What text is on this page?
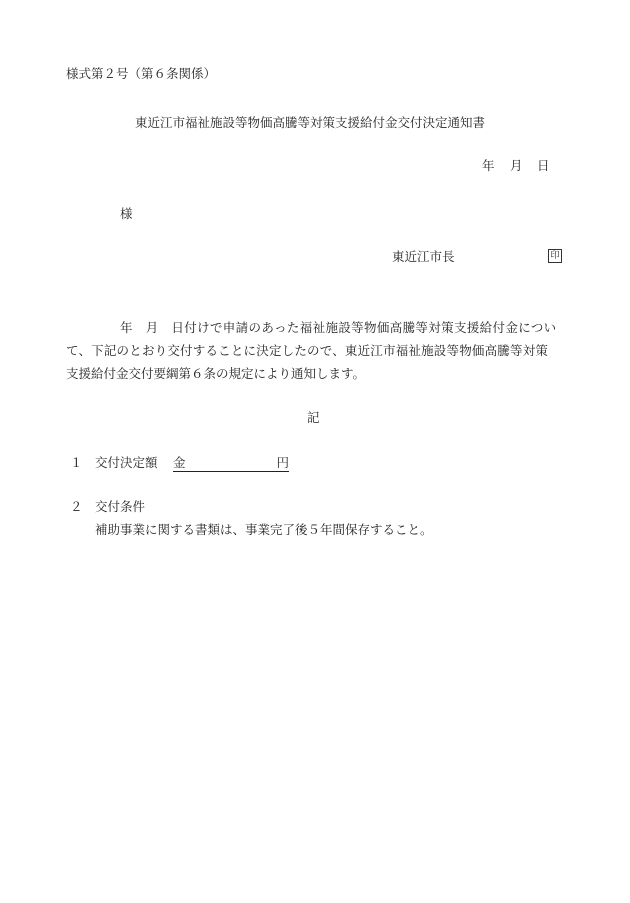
様式第２号（第６条関係）
東近江市福祉施設等物価高騰等対策支援給付金交付決定通知書
年 月 日
様
東近江市長	印
年　月　日付けで申請のあった福祉施設等物価高騰等対策支援給付金につい
て、下記のとおり交付することに決定したので、東近江市福祉施設等物価高騰等対策
支援給付金交付要綱第６条の規定により通知します。
記
１ 交付決定額 金	円
２ 交付条件
補助事業に関する書類は、事業完了後５年間保存すること。
